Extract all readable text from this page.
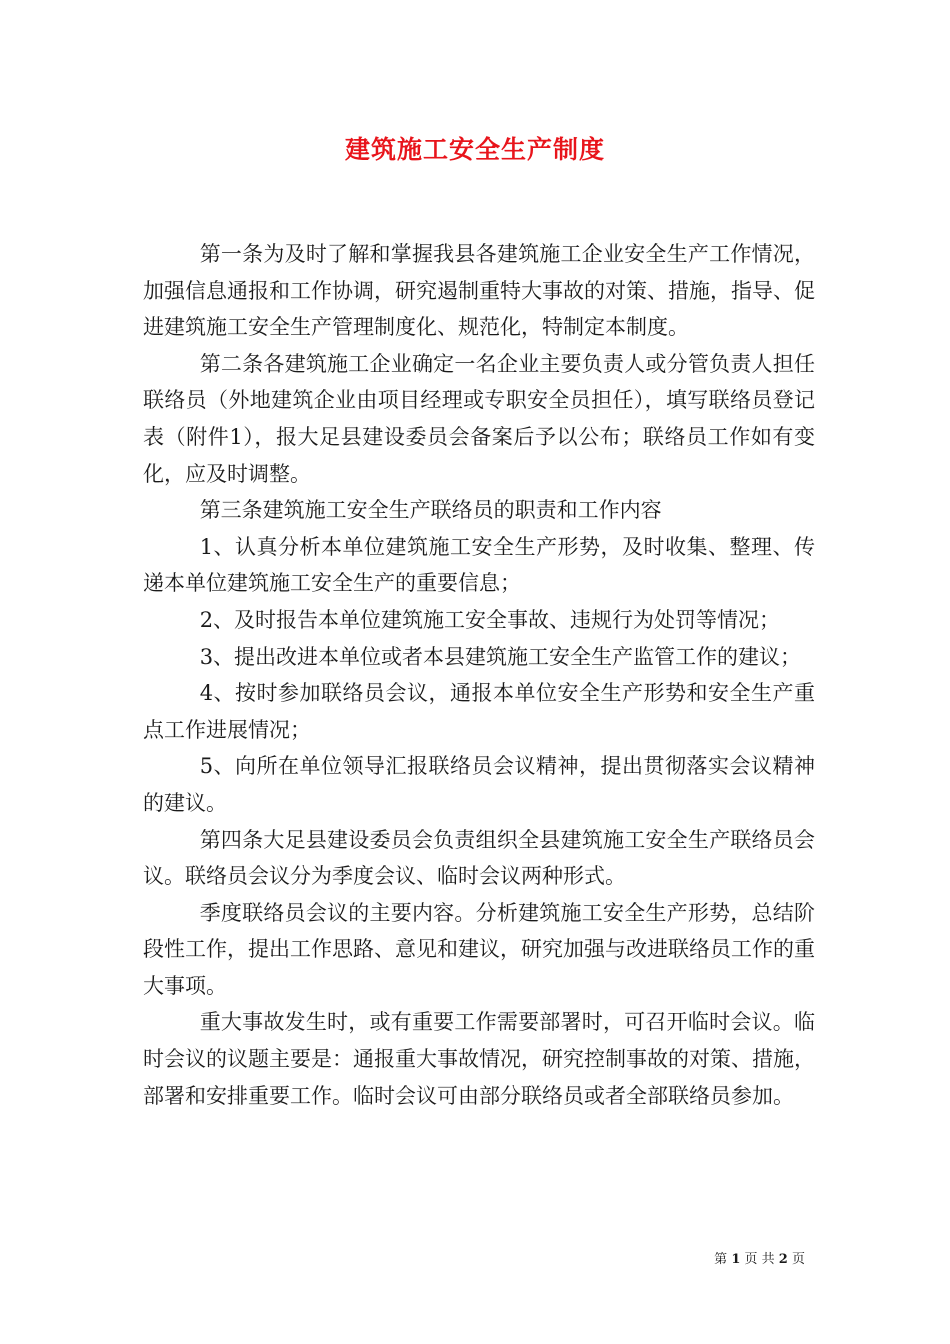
建筑施工安全生产制度

第一条为及时了解和掌握我县各建筑施工企业安全生产工作情况，加强信息通报和工作协调，研究遏制重特大事故的对策、措施，指导、促进建筑施工安全生产管理制度化、规范化，特制定本制度。

第二条各建筑施工企业确定一名企业主要负责人或分管负责人担任联络员（外地建筑企业由项目经理或专职安全员担任），填写联络员登记表（附件1），报大足县建设委员会备案后予以公布；联络员工作如有变化，应及时调整。

第三条建筑施工安全生产联络员的职责和工作内容

1、认真分析本单位建筑施工安全生产形势，及时收集、整理、传递本单位建筑施工安全生产的重要信息；

2、及时报告本单位建筑施工安全事故、违规行为处罚等情况；

3、提出改进本单位或者本县建筑施工安全生产监管工作的建议；

4、按时参加联络员会议，通报本单位安全生产形势和安全生产重点工作进展情况；

5、向所在单位领导汇报联络员会议精神，提出贯彻落实会议精神的建议。

第四条大足县建设委员会负责组织全县建筑施工安全生产联络员会议。联络员会议分为季度会议、临时会议两种形式。

季度联络员会议的主要内容。分析建筑施工安全生产形势，总结阶段性工作，提出工作思路、意见和建议，研究加强与改进联络员工作的重大事项。

重大事故发生时，或有重要工作需要部署时，可召开临时会议。临时会议的议题主要是：通报重大事故情况，研究控制事故的对策、措施，部署和安排重要工作。临时会议可由部分联络员或者全部联络员参加。

第 1 页 共 2 页
